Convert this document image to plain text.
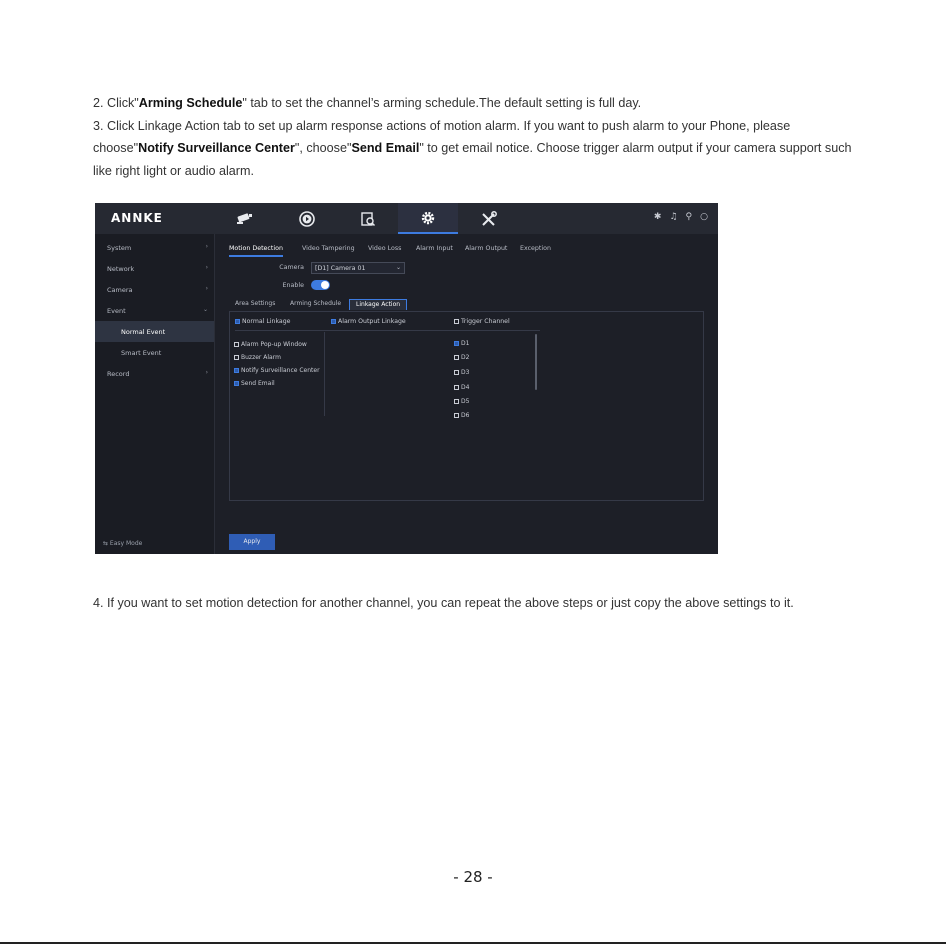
2. Click"Arming Schedule" tab to set the channel’s arming schedule.The default setting is full day.
3. Click Linkage Action tab to set up alarm response actions of motion alarm. If you want to push alarm to your Phone, please choose"Notify Surveillance Center", choose"Send Email" to get email notice. Choose trigger alarm output if your camera support such like right light or audio alarm.
ANNKE	✱ ♫ ⚲ ○
System	›
Network	›
Camera	›
Event	⌄
Normal Event
Smart Event
Record	›
⇆ Easy Mode
Motion Detection	Video Tampering Video Loss Alarm Input Alarm Output Exception
Camera	[D1] Camera 01	⌄
Enable
Area Settings	Arming Schedule	Linkage Action
Normal Linkage
Alarm Pop-up Window
Buzzer Alarm
Notify Surveillance Center
Send Email
Alarm Output Linkage	Trigger Channel
D1
D2
D3
D4
D5
D6
Apply
4. If you want to set motion detection for another channel, you can repeat the above steps or just copy the above settings to it.
- 28 -
